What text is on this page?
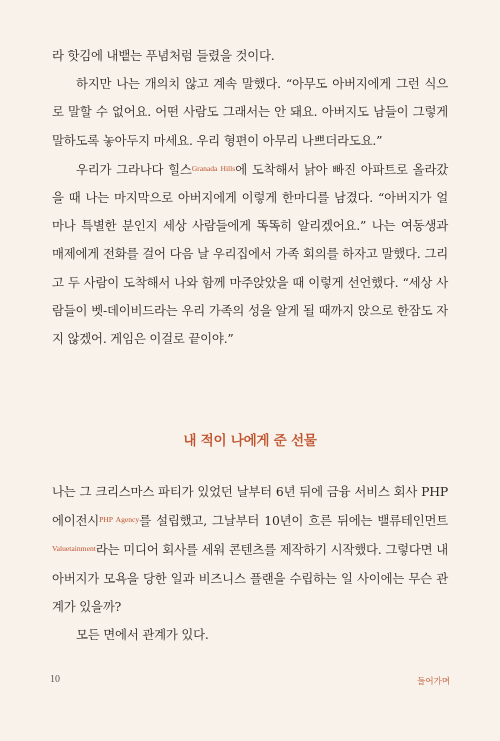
라 핫김에 내뱉는 푸념처럼 들렸을 것이다.

하지만 나는 개의치 않고 계속 말했다. “아무도 아버지에게 그런 식으로 말할 수 없어요. 어떤 사람도 그래서는 안 돼요. 아버지도 남들이 그렇게 말하도록 놓아두지 마세요. 우리 형편이 아무리 나쁘더라도요.”

우리가 그라나다 힐스$^{Granada Hills}$에 도착해서 낡아 빠진 아파트로 올라갔을 때 나는 마지막으로 아버지에게 이렇게 한마디를 남겼다. “아버지가 얼마나 특별한 분인지 세상 사람들에게 똑똑히 알리겠어요.” 나는 여동생과 매제에게 전화를 걸어 다음 날 우리집에서 가족 회의를 하자고 말했다. 그리고 두 사람이 도착해서 나와 함께 마주앉았을 때 이렇게 선언했다. “세상 사람들이 벳-데이비드라는 우리 가족의 성을 알게 될 때까지 앉으로 한잠도 자지 않겠어. 게임은 이걸로 끝이야.”

내 적이 나에게 준 선물

나는 그 크리스마스 파티가 있었던 날부터 6년 뒤에 금융 서비스 회사 PHP 에이전시$^{PHP Agency}$를 설립했고, 그날부터 10년이 흐른 뒤에는 밸류테인먼트$^{Valuetainment}$라는 미디어 회사를 세워 콘텐츠를 제작하기 시작했다. 그렇다면 내 아버지가 모욕을 당한 일과 비즈니스 플랜을 수립하는 일 사이에는 무슨 관계가 있을까?

모든 면에서 관계가 있다.

10	들어가며
